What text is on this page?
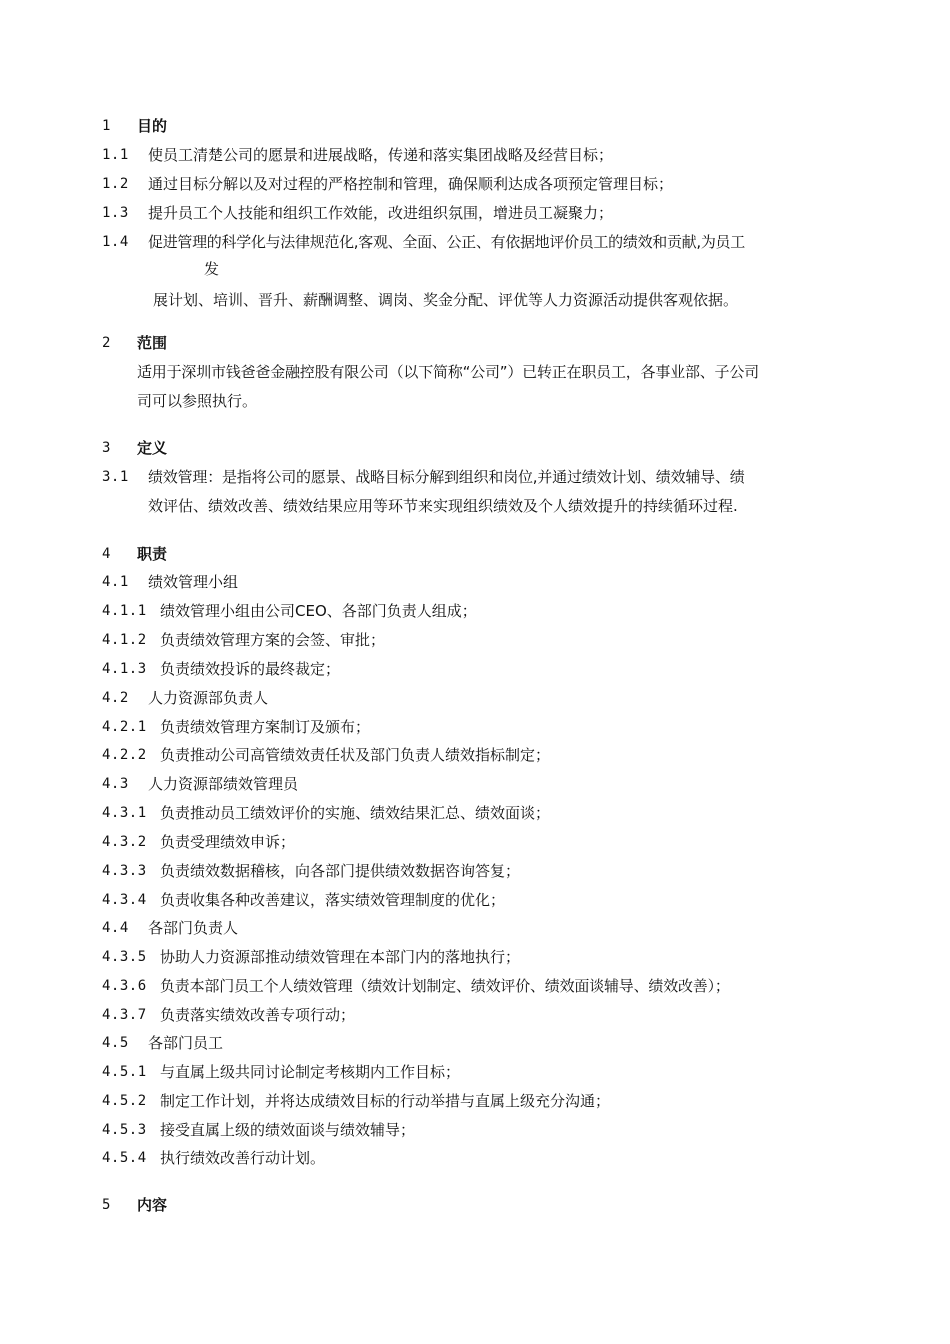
1 目的
1.1 使员工清楚公司的愿景和进展战略，传递和落实集团战略及经营目标；
1.2 通过目标分解以及对过程的严格控制和管理，确保顺利达成各项预定管理目标；
1.3 提升员工个人技能和组织工作效能，改进组织氛围，增进员工凝聚力；
1.4 促进管理的科学化与法律规范化,客观、全面、公正、有依据地评价员工的绩效和贡献,为员工
发
展计划、培训、晋升、薪酬调整、调岗、奖金分配、评优等人力资源活动提供客观依据。
2 范围
适用于深圳市钱爸爸金融控股有限公司（以下简称“公司”）已转正在职员工，各事业部、子公司
司可以参照执行。
3 定义
3.1 绩效管理：是指将公司的愿景、战略目标分解到组织和岗位,并通过绩效计划、绩效辅导、绩
效评估、绩效改善、绩效结果应用等环节来实现组织绩效及个人绩效提升的持续循环过程.
4 职责
4.1 绩效管理小组
4.1.1 绩效管理小组由公司CEO、各部门负责人组成；
4.1.2 负责绩效管理方案的会签、审批；
4.1.3 负责绩效投诉的最终裁定；
4.2 人力资源部负责人
4.2.1 负责绩效管理方案制订及颁布；
4.2.2 负责推动公司高管绩效责任状及部门负责人绩效指标制定；
4.3 人力资源部绩效管理员
4.3.1 负责推动员工绩效评价的实施、绩效结果汇总、绩效面谈；
4.3.2 负责受理绩效申诉；
4.3.3 负责绩效数据稽核，向各部门提供绩效数据咨询答复；
4.3.4 负责收集各种改善建议，落实绩效管理制度的优化；
4.4 各部门负责人
4.3.5 协助人力资源部推动绩效管理在本部门内的落地执行；
4.3.6 负责本部门员工个人绩效管理（绩效计划制定、绩效评价、绩效面谈辅导、绩效改善）；
4.3.7 负责落实绩效改善专项行动；
4.5 各部门员工
4.5.1 与直属上级共同讨论制定考核期内工作目标；
4.5.2 制定工作计划，并将达成绩效目标的行动举措与直属上级充分沟通；
4.5.3 接受直属上级的绩效面谈与绩效辅导；
4.5.4 执行绩效改善行动计划。
5 内容
